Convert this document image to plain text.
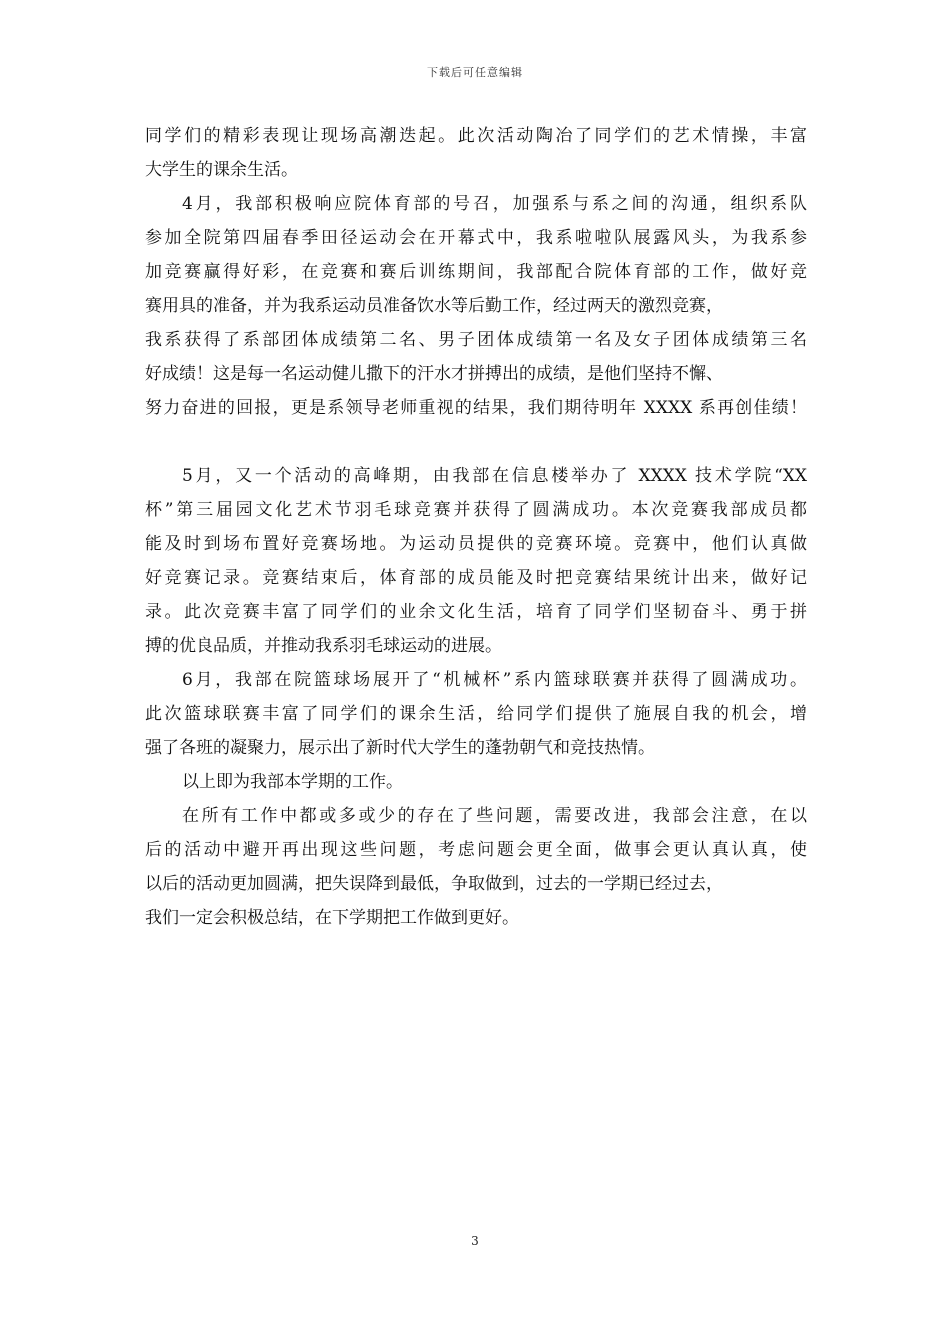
下载后可任意编辑
同学们的精彩表现让现场高潮迭起。此次活动陶冶了同学们的艺术情操，丰富
大学生的课余生活。
4月，我部积极响应院体育部的号召，加强系与系之间的沟通，组织系队
参加全院第四届春季田径运动会在开幕式中，我系啦啦队展露风头，为我系参
加竞赛赢得好彩，在竞赛和赛后训练期间，我部配合院体育部的工作，做好竞
赛用具的准备，并为我系运动员准备饮水等后勤工作，经过两天的激烈竞赛，
我系获得了系部团体成绩第二名、男子团体成绩第一名及女子团体成绩第三名
好成绩！这是每一名运动健儿撒下的汗水才拼搏出的成绩，是他们坚持不懈、
努力奋进的回报，更是系领导老师重视的结果，我们期待明年 XXXX 系再创佳绩！
5月，又一个活动的高峰期，由我部在信息楼举办了 XXXX 技术学院“XX
杯”第三届园文化艺术节羽毛球竞赛并获得了圆满成功。本次竞赛我部成员都
能及时到场布置好竞赛场地。为运动员提供的竞赛环境。竞赛中，他们认真做
好竞赛记录。竞赛结束后，体育部的成员能及时把竞赛结果统计出来，做好记
录。此次竞赛丰富了同学们的业余文化生活，培育了同学们坚韧奋斗、勇于拼
搏的优良品质，并推动我系羽毛球运动的进展。
6月，我部在院篮球场展开了“机械杯”系内篮球联赛并获得了圆满成功。
此次篮球联赛丰富了同学们的课余生活，给同学们提供了施展自我的机会，增
强了各班的凝聚力，展示出了新时代大学生的蓬勃朝气和竞技热情。
以上即为我部本学期的工作。
在所有工作中都或多或少的存在了些问题，需要改进，我部会注意，在以
后的活动中避开再出现这些问题，考虑问题会更全面，做事会更认真认真，使
以后的活动更加圆满，把失误降到最低，争取做到，过去的一学期已经过去，
我们一定会积极总结，在下学期把工作做到更好。
3
